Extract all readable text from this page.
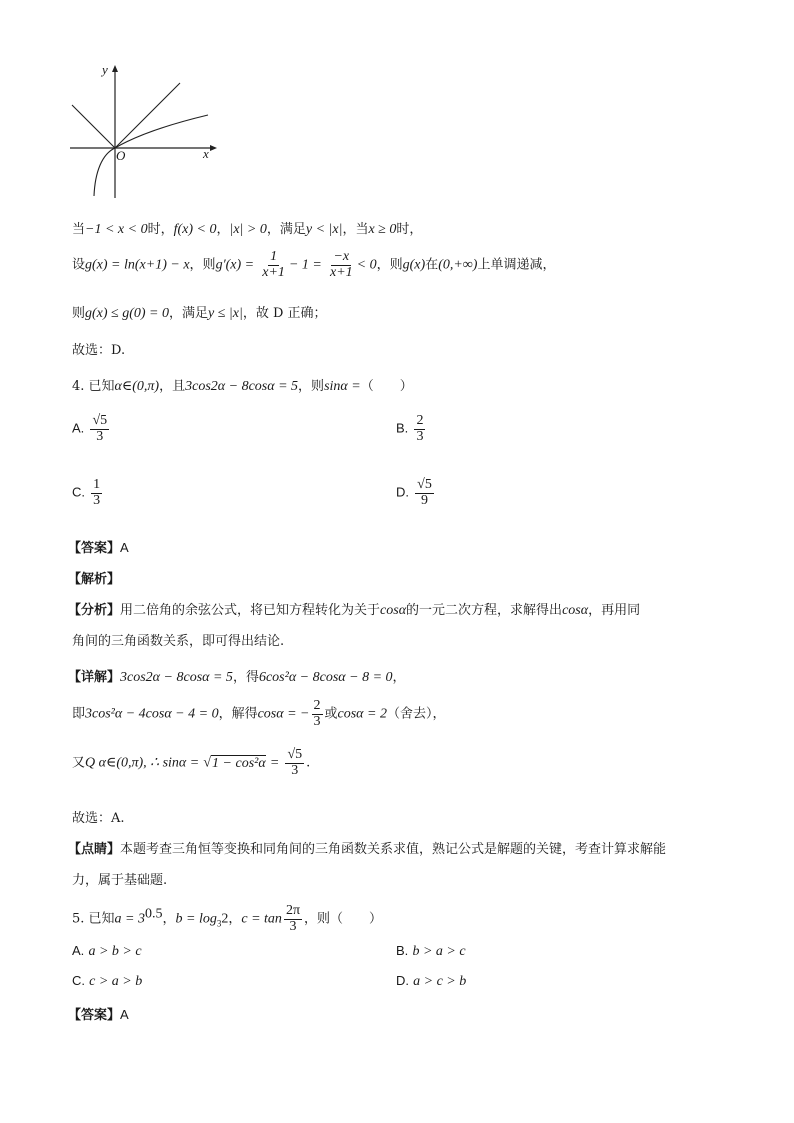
y
x
O
当−1 < x < 0时，f(x) < 0，|x| > 0，满足y < |x|，当x ≥ 0时，
设g(x) = ln(x+1) − x，则$g'(x) = \frac{1}{x+1} - 1 = \frac{-x}{x+1} < 0$，则g(x)在(0,+∞)上单调递减，
则g(x) ≤ g(0) = 0，满足y ≤ |x|，故 D 正确；
故选：D.
4. 已知α∈(0,π)，且3cos2α − 8cosα = 5，则sinα =（　　）
A. $\frac{√5}{3}$	B. $\frac{2}{3}$
C. $\frac{1}{3}$	D. $\frac{√5}{9}$
【答案】A
【解析】
【分析】用二倍角的余弦公式，将已知方程转化为关于cosα的一元二次方程，求解得出cosα，再用同
角间的三角函数关系，即可得出结论.
【详解】3cos2α − 8cosα = 5，得6cos²α − 8cosα − 8 = 0，
即3cos²α − 4cosα − 4 = 0，解得cosα = − $\frac{2}{3}$ 或cosα = 2（舍去），
又Q α∈(0,π), ∴ $\sin\alpha = √1 - \cos^2\alpha = \frac{√5}{3}$ .
故选：A.
【点睛】本题考查三角恒等变换和同角间的三角函数关系求值，熟记公式是解题的关键，考查计算求解能
力，属于基础题.
5. 已知$a = 3^{0.5}$，$b = \log_32$，$c = \tan \frac{2\pi}{3}$ ，则（　　）
A. a > b > c	B. b > a > c
C. c > a > b	D. a > c > b
【答案】A
